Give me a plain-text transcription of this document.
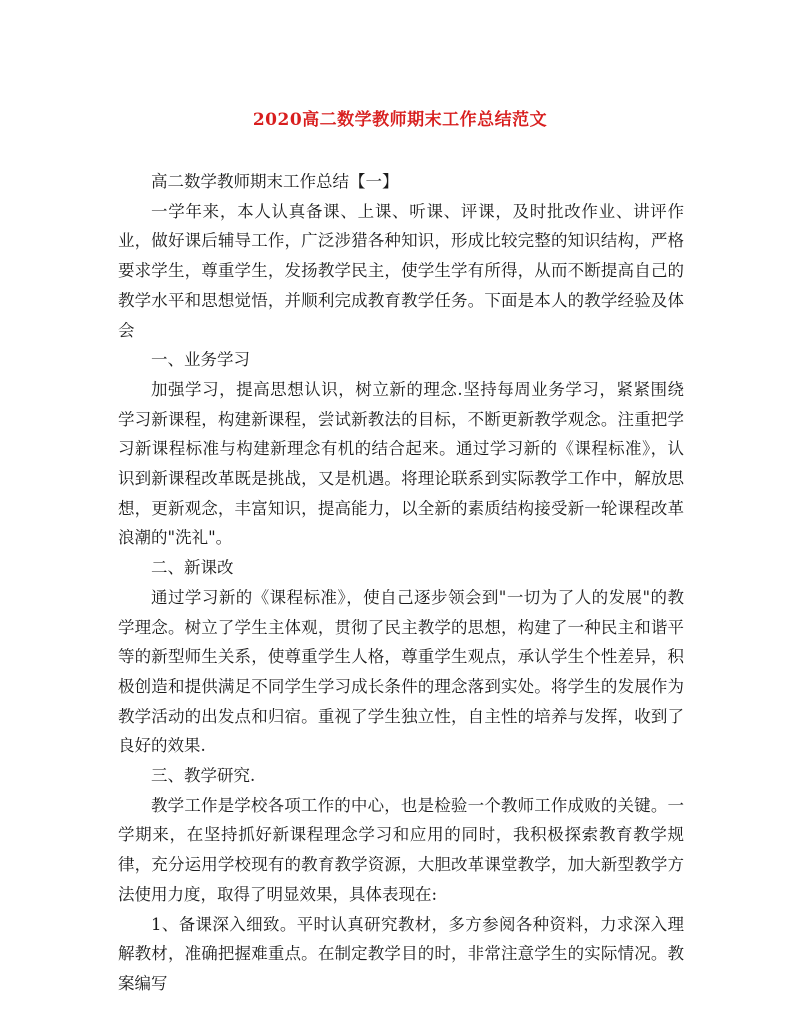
2020高二数学教师期末工作总结范文

高二数学教师期末工作总结【一】

一学年来，本人认真备课、上课、听课、评课，及时批改作业、讲评作业，做好课后辅导工作，广泛涉猎各种知识，形成比较完整的知识结构，严格要求学生，尊重学生，发扬教学民主，使学生学有所得，从而不断提高自己的教学水平和思想觉悟，并顺利完成教育教学任务。下面是本人的教学经验及体会

一、业务学习

加强学习，提高思想认识，树立新的理念.坚持每周业务学习，紧紧围绕学习新课程，构建新课程，尝试新教法的目标，不断更新教学观念。注重把学习新课程标准与构建新理念有机的结合起来。通过学习新的《课程标准》，认识到新课程改革既是挑战，又是机遇。将理论联系到实际教学工作中，解放思想，更新观念，丰富知识，提高能力，以全新的素质结构接受新一轮课程改革浪潮的"洗礼"。

二、新课改

通过学习新的《课程标准》，使自己逐步领会到"一切为了人的发展"的教学理念。树立了学生主体观，贯彻了民主教学的思想，构建了一种民主和谐平等的新型师生关系，使尊重学生人格，尊重学生观点，承认学生个性差异，积极创造和提供满足不同学生学习成长条件的理念落到实处。将学生的发展作为教学活动的出发点和归宿。重视了学生独立性，自主性的培养与发挥，收到了良好的效果.

三、教学研究.

教学工作是学校各项工作的中心，也是检验一个教师工作成败的关键。一学期来，在坚持抓好新课程理念学习和应用的同时，我积极探索教育教学规律，充分运用学校现有的教育教学资源，大胆改革课堂教学，加大新型教学方法使用力度，取得了明显效果，具体表现在:

1、备课深入细致。平时认真研究教材，多方参阅各种资料，力求深入理解教材，准确把握难重点。在制定教学目的时，非常注意学生的实际情况。教案编写
